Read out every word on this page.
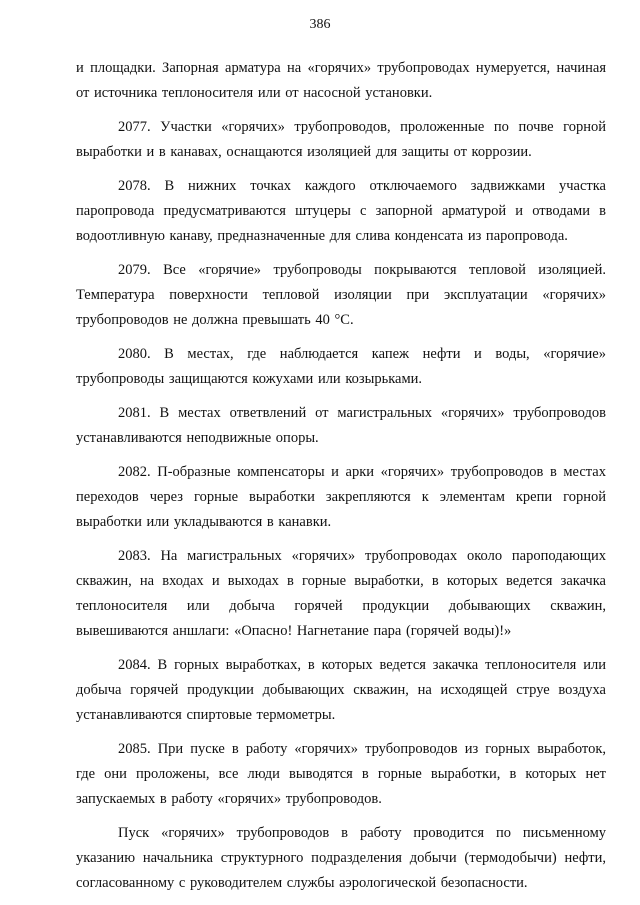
386

и площадки. Запорная арматура на «горячих» трубопроводах нумеруется, начиная от источника теплоносителя или от насосной установки.

2077. Участки «горячих» трубопроводов, проложенные по почве горной выработки и в канавах, оснащаются изоляцией для защиты от коррозии.

2078. В нижних точках каждого отключаемого задвижками участка паропровода предусматриваются штуцеры с запорной арматурой и отводами в водоотливную канаву, предназначенные для слива конденсата из паропровода.

2079. Все «горячие» трубопроводы покрываются тепловой изоляцией. Температура поверхности тепловой изоляции при эксплуатации «горячих» трубопроводов не должна превышать 40 °С.

2080. В местах, где наблюдается капеж нефти и воды, «горячие» трубопроводы защищаются кожухами или козырьками.

2081. В местах ответвлений от магистральных «горячих» трубопроводов устанавливаются неподвижные опоры.

2082. П-образные компенсаторы и арки «горячих» трубопроводов в местах переходов через горные выработки закрепляются к элементам крепи горной выработки или укладываются в канавки.

2083. На магистральных «горячих» трубопроводах около пароподающих скважин, на входах и выходах в горные выработки, в которых ведется закачка теплоносителя или добыча горячей продукции добывающих скважин, вывешиваются аншлаги: «Опасно! Нагнетание пара (горячей воды)!»

2084. В горных выработках, в которых ведется закачка теплоносителя или добыча горячей продукции добывающих скважин, на исходящей струе воздуха устанавливаются спиртовые термометры.

2085. При пуске в работу «горячих» трубопроводов из горных выработок, где они проложены, все люди выводятся в горные выработки, в которых нет запускаемых в работу «горячих» трубопроводов.

Пуск «горячих» трубопроводов в работу проводится по письменному указанию начальника структурного подразделения добычи (термодобычи) нефти, согласованному с руководителем службы аэрологической безопасности.
